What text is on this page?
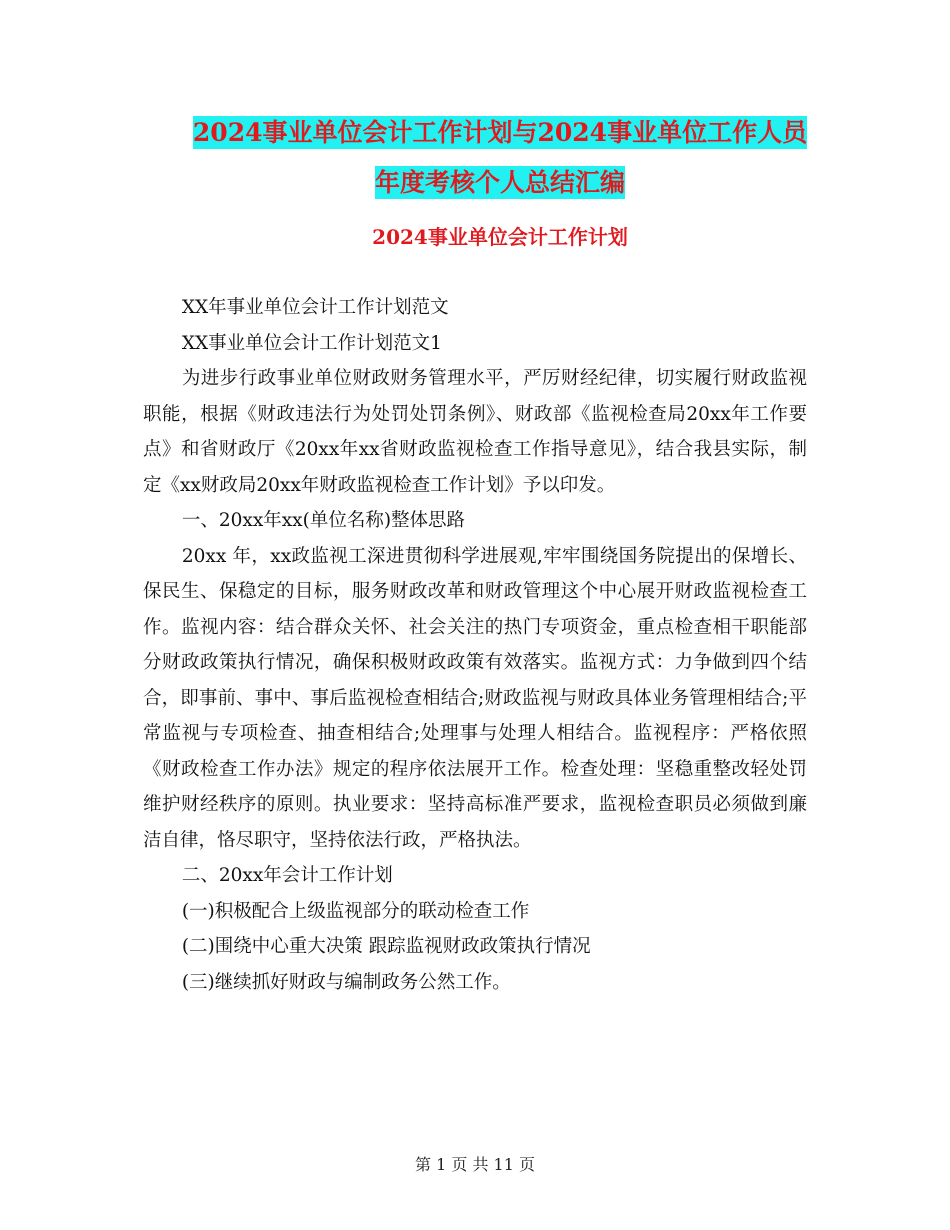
2024事业单位会计工作计划与2024事业单位工作人员
年度考核个人总结汇编
2024事业单位会计工作计划

XX年事业单位会计工作计划范文

XX事业单位会计工作计划范文1

为进步行政事业单位财政财务管理水平，严厉财经纪律，切实履行财政监视职能，根据《财政违法行为处罚处罚条例》、财政部《监视检查局20xx年工作要点》和省财政厅《20xx年xx省财政监视检查工作指导意见》，结合我县实际，制定《xx财政局20xx年财政监视检查工作计划》予以印发。

一、20xx年xx(单位名称)整体思路

20xx 年，xx政监视工深进贯彻科学进展观,牢牢围绕国务院提出的保增长、保民生、保稳定的目标，服务财政改革和财政管理这个中心展开财政监视检查工作。监视内容：结合群众关怀、社会关注的热门专项资金，重点检查相干职能部分财政政策执行情况，确保积极财政政策有效落实。监视方式：力争做到四个结合，即事前、事中、事后监视检查相结合;财政监视与财政具体业务管理相结合;平常监视与专项检查、抽查相结合;处理事与处理人相结合。监视程序：严格依照《财政检查工作办法》规定的程序依法展开工作。检查处理：坚稳重整改轻处罚维护财经秩序的原则。执业要求：坚持高标准严要求，监视检查职员必须做到廉洁自律，恪尽职守，坚持依法行政，严格执法。

二、20xx年会计工作计划

(一)积极配合上级监视部分的联动检查工作

(二)围绕中心重大决策 跟踪监视财政政策执行情况

(三)继续抓好财政与编制政务公然工作。

第 1 页 共 11 页
